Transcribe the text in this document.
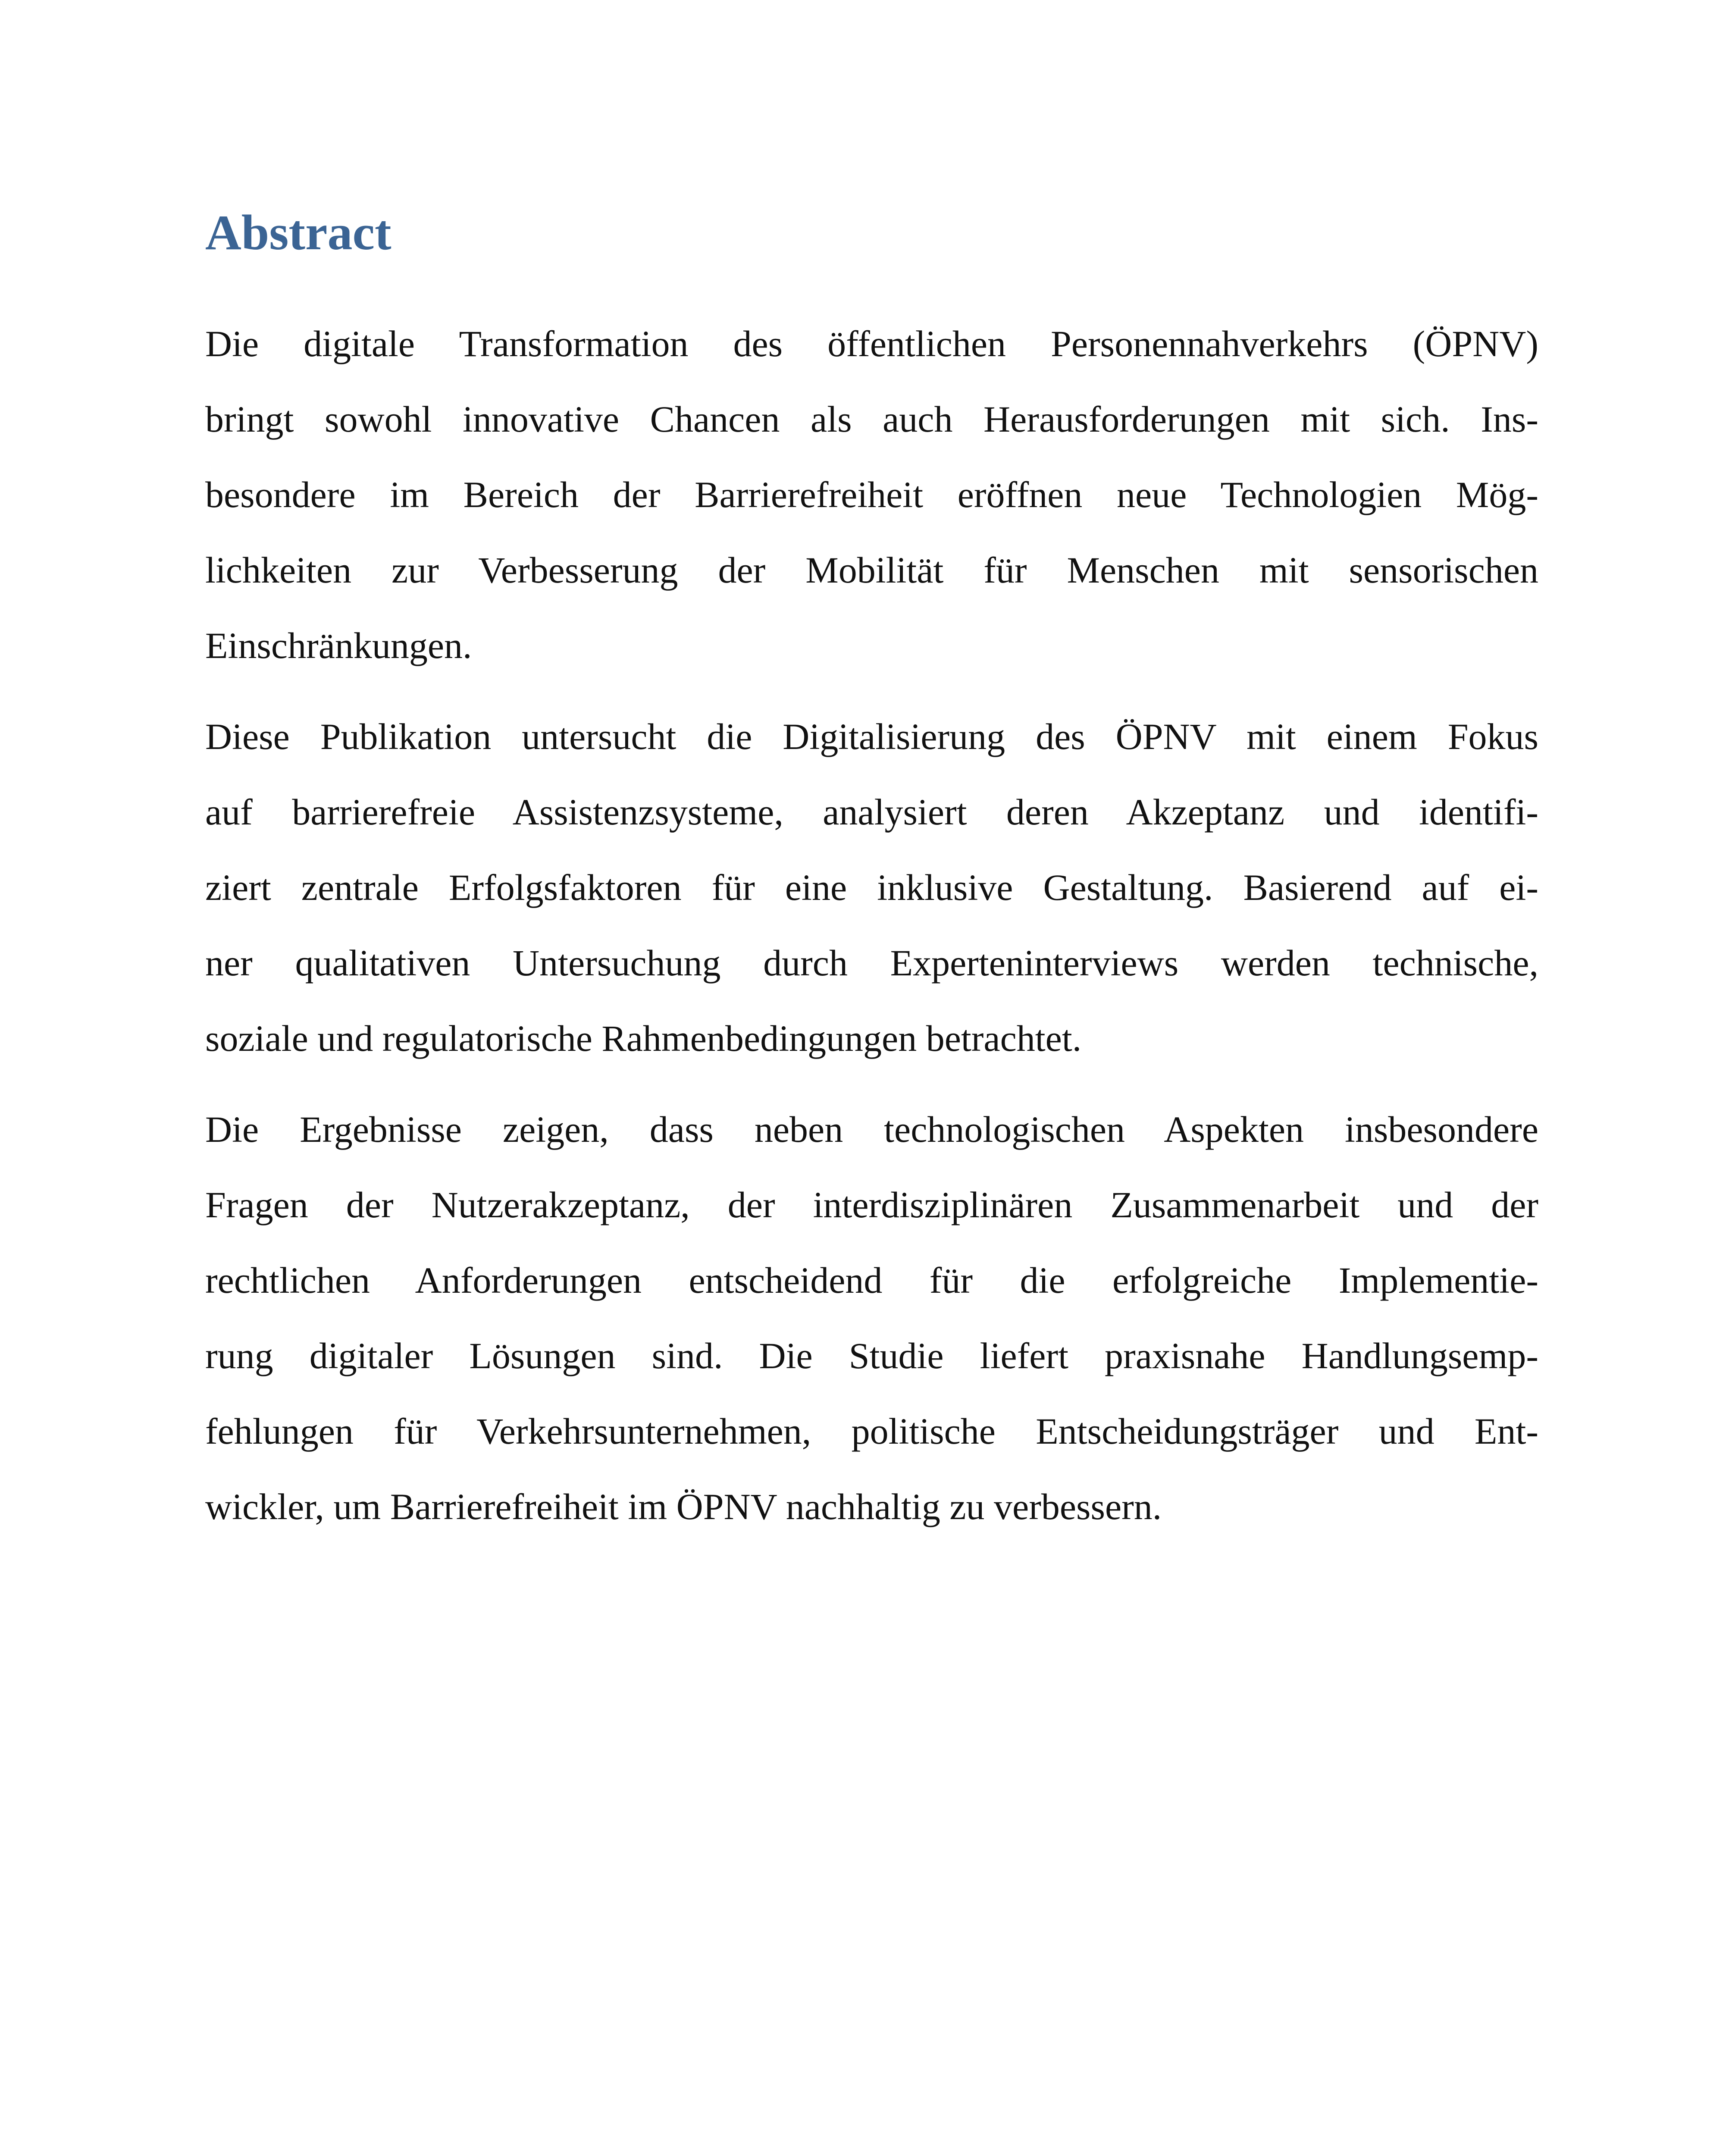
Abstract

Die digitale Transformation des öffentlichen Personennahverkehrs (ÖPNV)
bringt sowohl innovative Chancen als auch Herausforderungen mit sich. Ins-
besondere im Bereich der Barrierefreiheit eröffnen neue Technologien Mög-
lichkeiten zur Verbesserung der Mobilität für Menschen mit sensorischen
Einschränkungen.

Diese Publikation untersucht die Digitalisierung des ÖPNV mit einem Fokus
auf barrierefreie Assistenzsysteme, analysiert deren Akzeptanz und identifi-
ziert zentrale Erfolgsfaktoren für eine inklusive Gestaltung. Basierend auf ei-
ner qualitativen Untersuchung durch Experteninterviews werden technische,
soziale und regulatorische Rahmenbedingungen betrachtet.

Die Ergebnisse zeigen, dass neben technologischen Aspekten insbesondere
Fragen der Nutzerakzeptanz, der interdisziplinären Zusammenarbeit und der
rechtlichen Anforderungen entscheidend für die erfolgreiche Implementie-
rung digitaler Lösungen sind. Die Studie liefert praxisnahe Handlungsemp-
fehlungen für Verkehrsunternehmen, politische Entscheidungsträger und Ent-
wickler, um Barrierefreiheit im ÖPNV nachhaltig zu verbessern.
